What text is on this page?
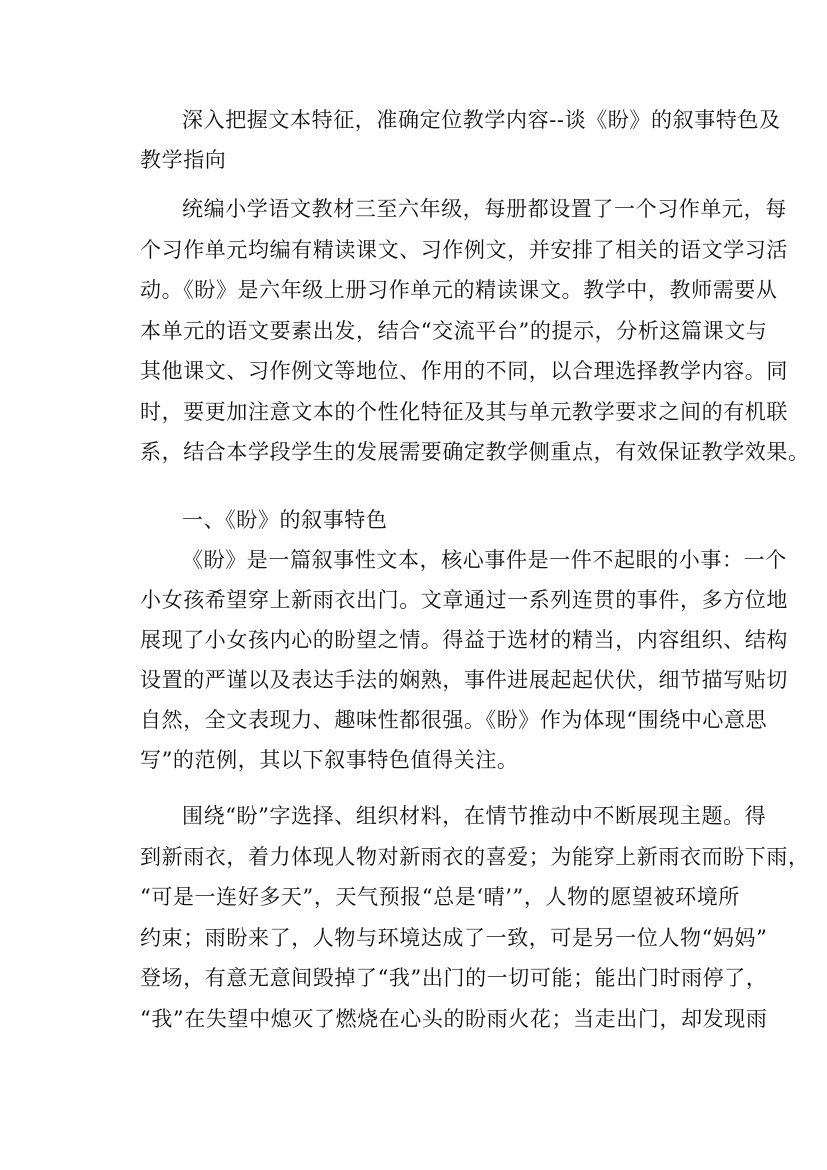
深入把握文本特征，准确定位教学内容--谈《盼》的叙事特色及
教学指向
统编小学语文教材三至六年级，每册都设置了一个习作单元，每
个习作单元均编有精读课文、习作例文，并安排了相关的语文学习活
动。《盼》是六年级上册习作单元的精读课文。教学中，教师需要从
本单元的语文要素出发，结合“交流平台”的提示，分析这篇课文与
其他课文、习作例文等地位、作用的不同，以合理选择教学内容。同
时，要更加注意文本的个性化特征及其与单元教学要求之间的有机联
系，结合本学段学生的发展需要确定教学侧重点，有效保证教学效果。
一、《盼》的叙事特色
《盼》是一篇叙事性文本，核心事件是一件不起眼的小事：一个
小女孩希望穿上新雨衣出门。文章通过一系列连贯的事件，多方位地
展现了小女孩内心的盼望之情。得益于选材的精当，内容组织、结构
设置的严谨以及表达手法的娴熟，事件进展起起伏伏，细节描写贴切
自然，全文表现力、趣味性都很强。《盼》作为体现“围绕中心意思
写”的范例，其以下叙事特色值得关注。
围绕“盼”字选择、组织材料，在情节推动中不断展现主题。得
到新雨衣，着力体现人物对新雨衣的喜爱；为能穿上新雨衣而盼下雨，
“可是一连好多天”，天气预报“总是‘晴’”，人物的愿望被环境所
约束；雨盼来了，人物与环境达成了一致，可是另一位人物“妈妈”
登场，有意无意间毁掉了“我”出门的一切可能；能出门时雨停了，
“我”在失望中熄灭了燃烧在心头的盼雨火花；当走出门，却发现雨
